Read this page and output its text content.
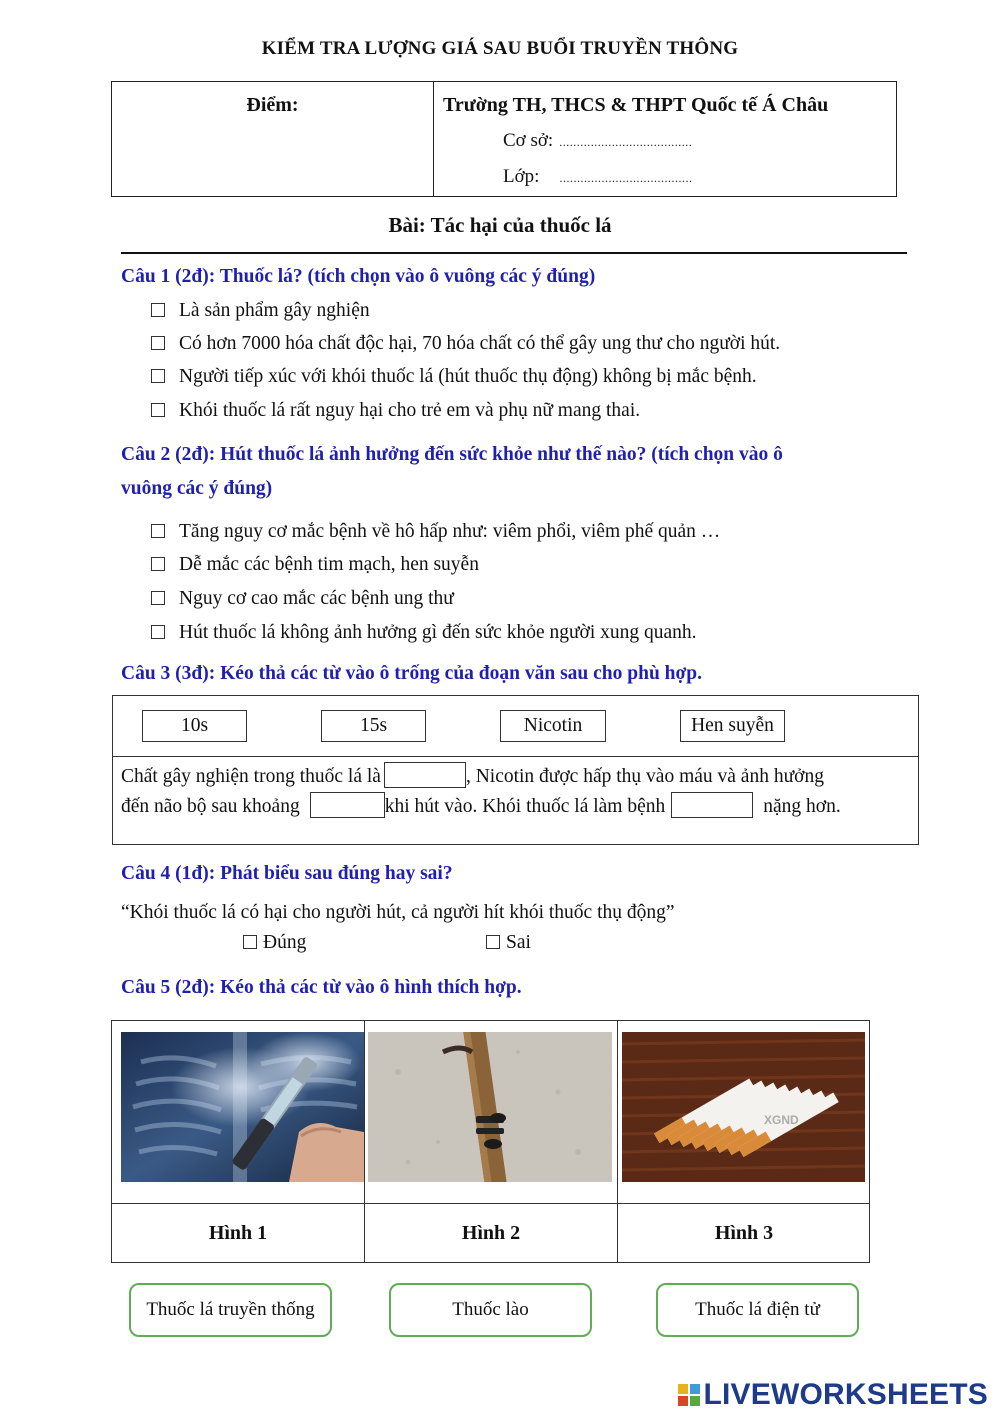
KIỂM TRA LƯỢNG GIÁ SAU BUỔI TRUYỀN THÔNG
Điểm:	Trường TH, THCS & THPT Quốc tế Á Châu
Cơ sở: ......................................
Lớp: ......................................
Bài: Tác hại của thuốc lá
Câu 1 (2đ): Thuốc lá? (tích chọn vào ô vuông các ý đúng)
Là sản phẩm gây nghiện
Có hơn 7000 hóa chất độc hại, 70 hóa chất có thể gây ung thư cho người hút.
Người tiếp xúc với khói thuốc lá (hút thuốc thụ động) không bị mắc bệnh.
Khói thuốc lá rất nguy hại cho trẻ em và phụ nữ mang thai.
Câu 2 (2đ): Hút thuốc lá ảnh hưởng đến sức khỏe như thế nào? (tích chọn vào ô
vuông các ý đúng)
Tăng nguy cơ mắc bệnh về hô hấp như: viêm phổi, viêm phế quản …
Dễ mắc các bệnh tim mạch, hen suyễn
Nguy cơ cao mắc các bệnh ung thư
Hút thuốc lá không ảnh hưởng gì đến sức khỏe người xung quanh.
Câu 3 (3đ): Kéo thả các từ vào ô trống của đoạn văn sau cho phù hợp.
10s	15s	Nicotin	Hen suyễn
Chất gây nghiện trong thuốc lá là	, Nicotin được hấp thụ vào máu và ảnh hưởng
đến não bộ sau khoảng	khi hút vào. Khói thuốc lá làm bệnh	nặng hơn.
Câu 4 (1đ): Phát biểu sau đúng hay sai?
“Khói thuốc lá có hại cho người hút, cả người hít khói thuốc thụ động”
Đúng	Sai
Câu 5 (2đ): Kéo thả các từ vào ô hình thích hợp.
XGND
Hình 1	Hình 2	Hình 3
Thuốc lá truyền thống	Thuốc lào	Thuốc lá điện tử
LIVEWORKSHEETS
